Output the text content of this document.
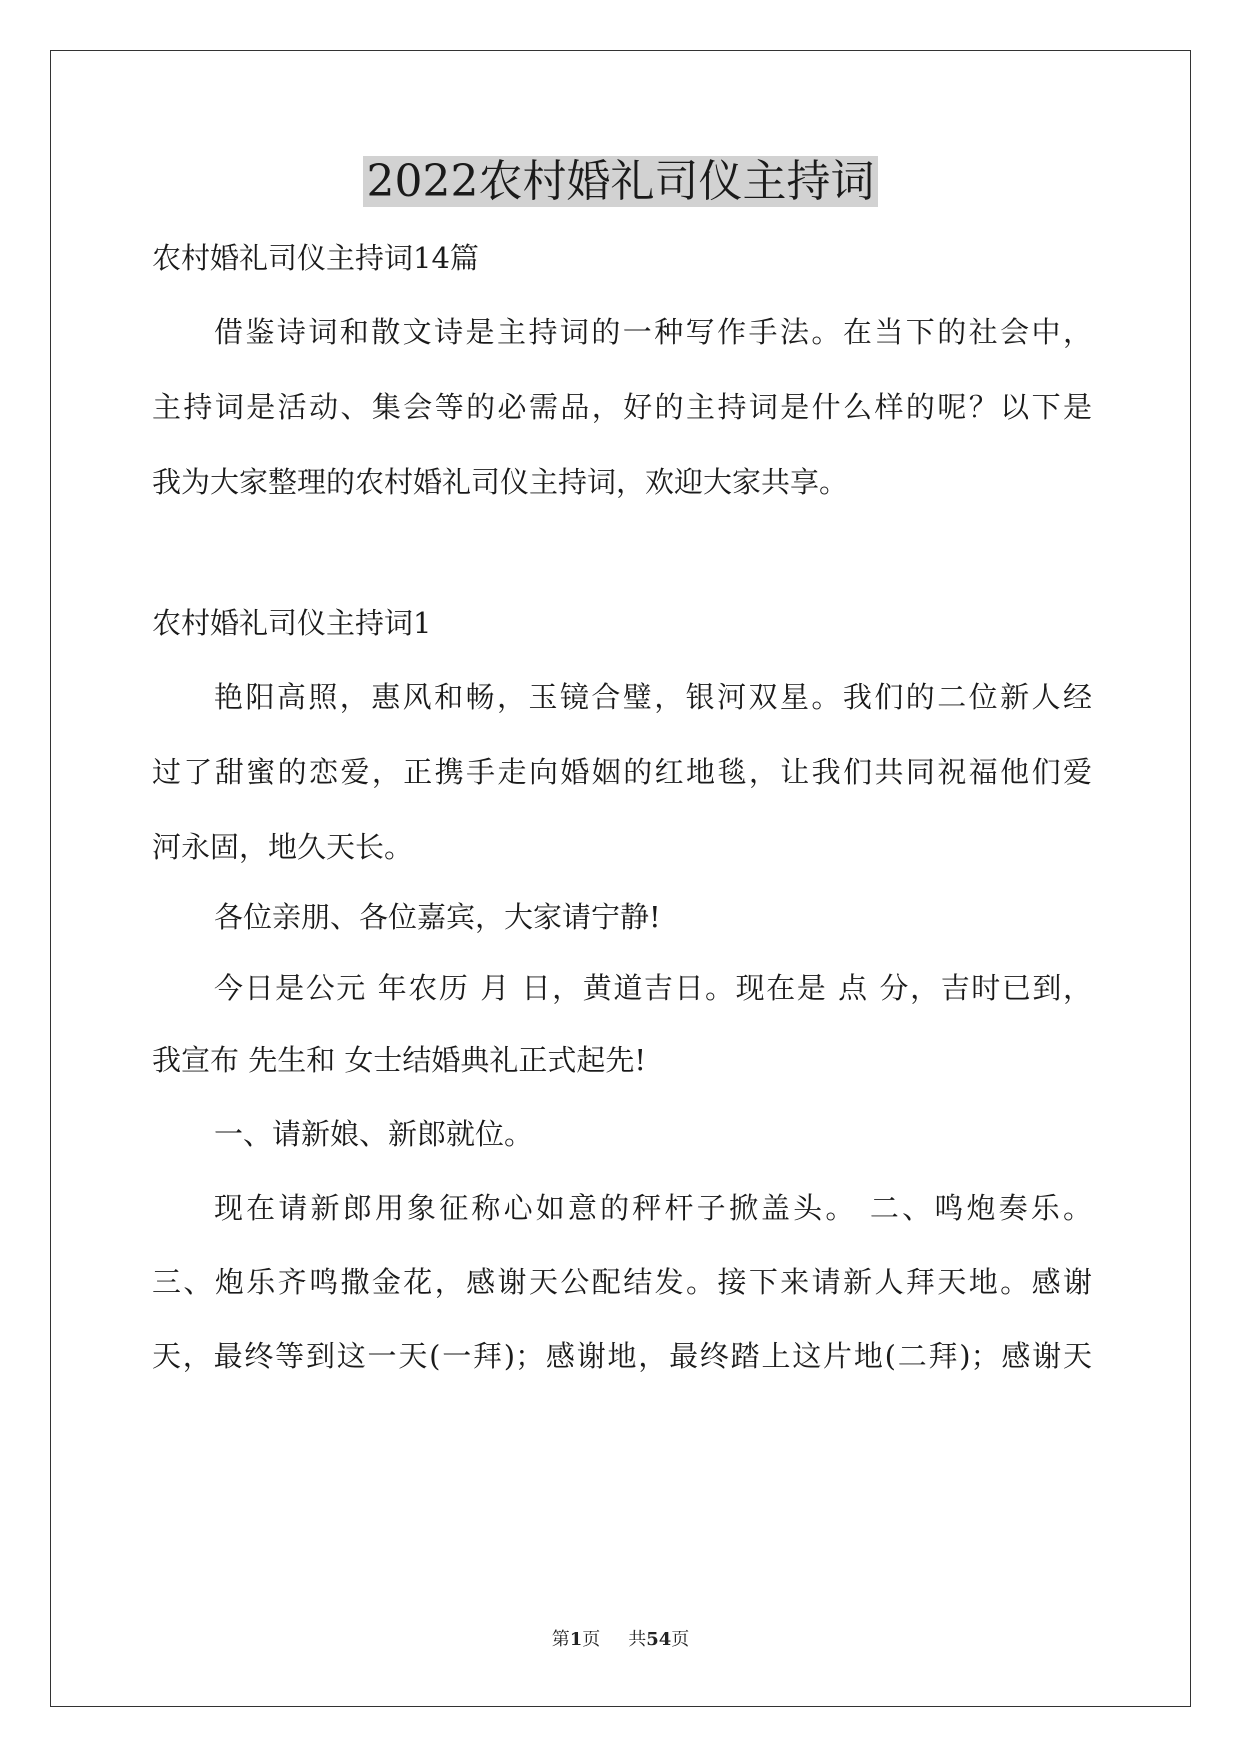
2022农村婚礼司仪主持词

农村婚礼司仪主持词14篇

借鉴诗词和散文诗是主持词的一种写作手法。在当下的社会中，

主持词是活动、集会等的必需品，好的主持词是什么样的呢？以下是

我为大家整理的农村婚礼司仪主持词，欢迎大家共享。

农村婚礼司仪主持词1

艳阳高照，惠风和畅，玉镜合璧，银河双星。我们的二位新人经

过了甜蜜的恋爱，正携手走向婚姻的红地毯，让我们共同祝福他们爱

河永固，地久天长。

各位亲朋、各位嘉宾，大家请宁静!

今日是公元 年农历 月 日，黄道吉日。现在是 点 分，吉时已到，

我宣布 先生和 女士结婚典礼正式起先!

一、请新娘、新郎就位。

现在请新郎用象征称心如意的秤杆子掀盖头。 二、鸣炮奏乐。

三、炮乐齐鸣撒金花，感谢天公配结发。接下来请新人拜天地。感谢

天，最终等到这一天(一拜)；感谢地，最终踏上这片地(二拜)；感谢天

第1页 共54页
